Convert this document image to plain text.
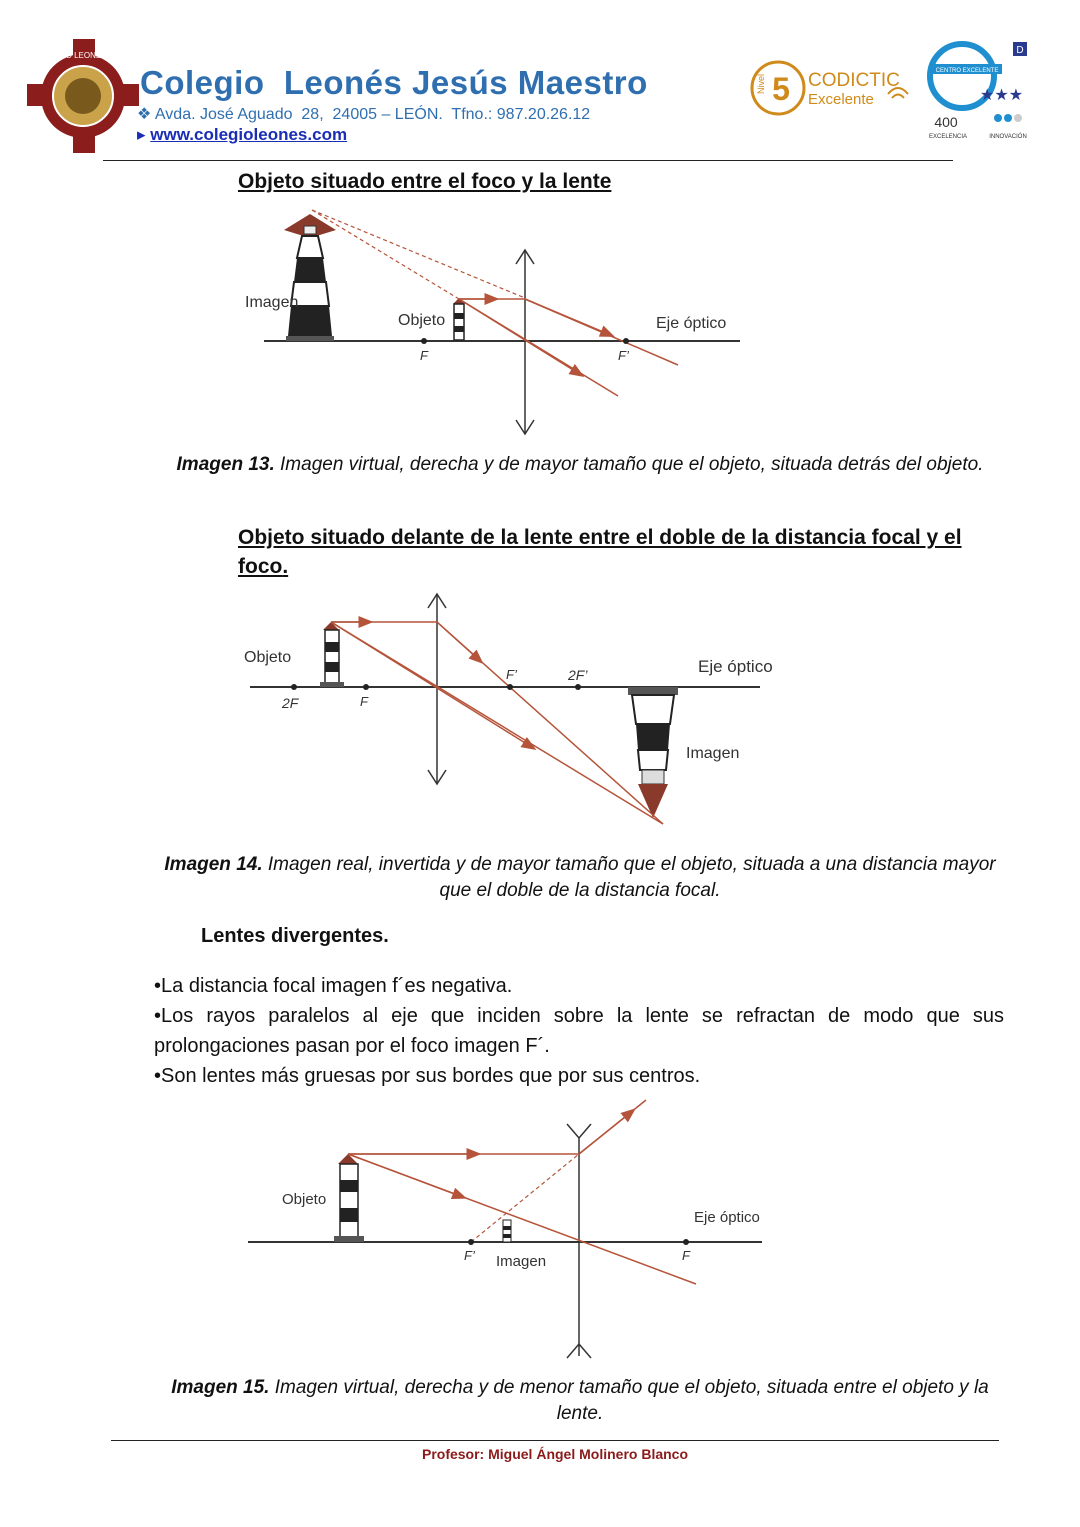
COLEGIO LEONES LEÓN
Colegio  Leonés Jesús Maestro
❖ Avda. José Aguado  28,  24005 – LEÓN.  Tfno.: 987.20.26.12
▸ www.colegioleones.com
Nivel 5 CODICTIC
Excelente
CENTRO EXCELENTE
★★★
400
EXCELENCIA	INNOVACIÓN
D
Objeto situado entre el foco y la lente
Imagen
Objeto	Eje óptico
F	F’
Imagen 13. Imagen virtual, derecha y de mayor tamaño que el objeto, situada detrás del objeto.
Objeto situado delante de la lente entre el doble de la distancia focal y el foco.
Objeto
2F	F
F’	2F’	Eje óptico
Imagen
Imagen 14. Imagen real, invertida y de mayor tamaño que el objeto, situada a una distancia mayor que el doble de la distancia focal.
Lentes divergentes.
•La distancia focal imagen f´es negativa.
•Los rayos paralelos al eje que inciden sobre la lente se refractan de modo que sus prolongaciones pasan por el foco imagen F´.
•Son lentes más gruesas por sus bordes que por sus centros.
Objeto
F’ Imagen	F
Eje óptico
Imagen 15. Imagen virtual, derecha y de menor tamaño que el objeto, situada entre el objeto y la lente.
Profesor: Miguel Ángel Molinero Blanco
